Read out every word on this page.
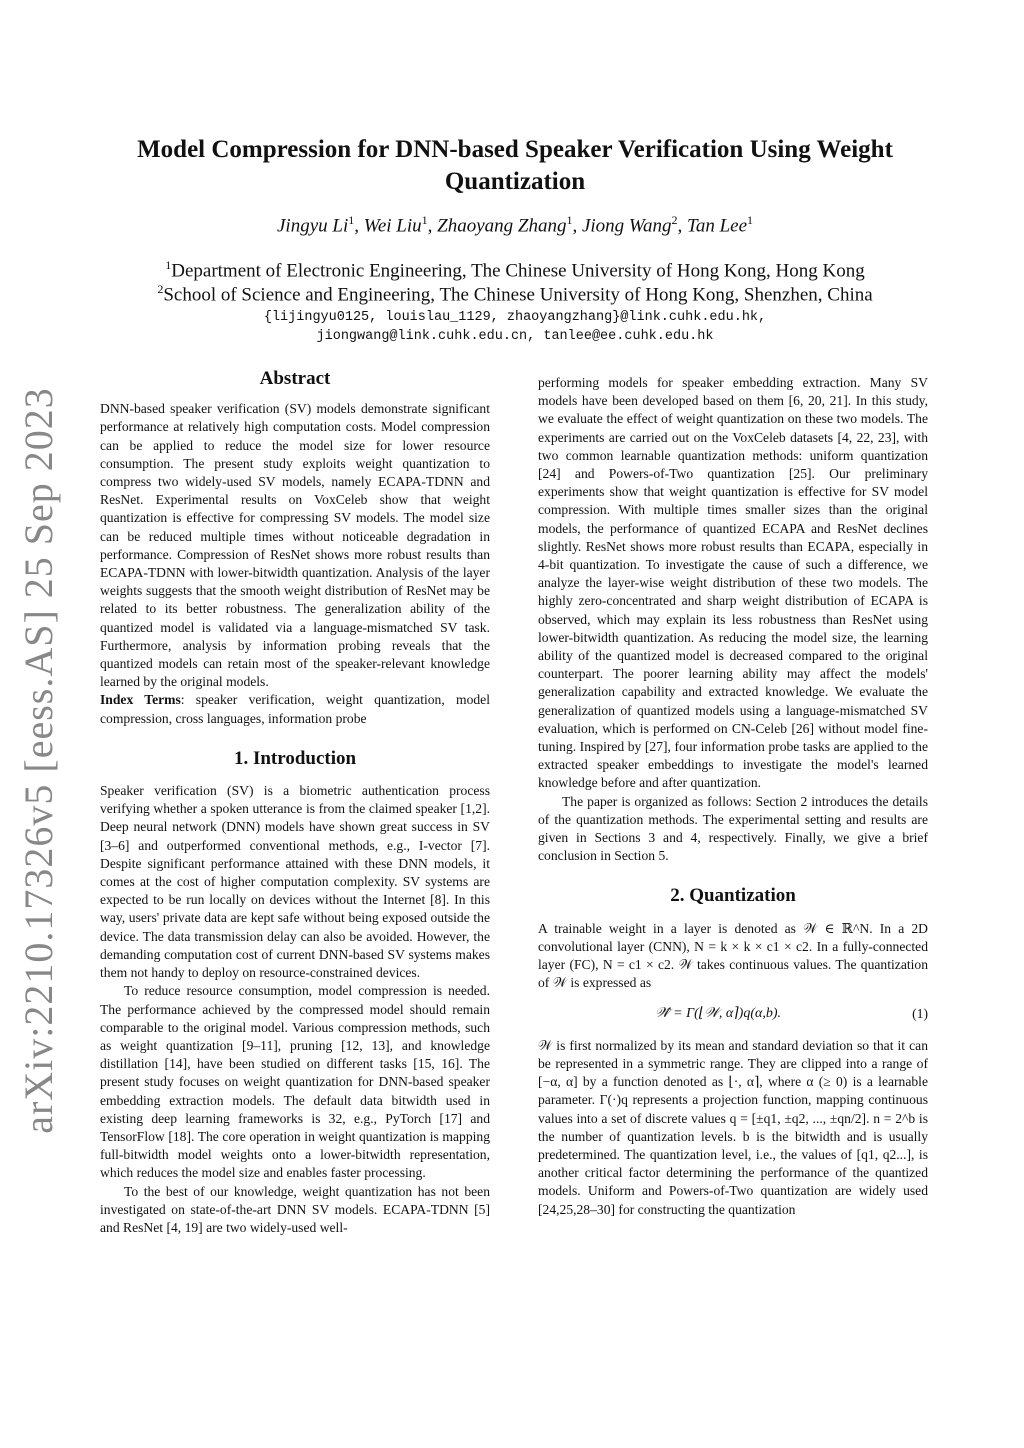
arXiv:2210.17326v5 [eess.AS] 25 Sep 2023
Model Compression for DNN-based Speaker Verification Using Weight
Quantization
Jingyu Li$^1$, Wei Liu$^1$, Zhaoyang Zhang$^1$, Jiong Wang$^2$, Tan Lee$^1$
$^1$Department of Electronic Engineering, The Chinese University of Hong Kong, Hong Kong
$^2$School of Science and Engineering, The Chinese University of Hong Kong, Shenzhen, China
{lijingyu0125, louislau_1129, zhaoyangzhang}@link.cuhk.edu.hk,
jiongwang@link.cuhk.edu.cn, tanlee@ee.cuhk.edu.hk
Abstract

DNN-based speaker verification (SV) models demonstrate significant performance at relatively high computation costs. Model compression can be applied to reduce the model size for lower resource consumption. The present study exploits weight quantization to compress two widely-used SV models, namely ECAPA-TDNN and ResNet. Experimental results on VoxCeleb show that weight quantization is effective for compressing SV models. The model size can be reduced multiple times without noticeable degradation in performance. Compression of ResNet shows more robust results than ECAPA-TDNN with lower-bitwidth quantization. Analysis of the layer weights suggests that the smooth weight distribution of ResNet may be related to its better robustness. The generalization ability of the quantized model is validated via a language-mismatched SV task. Furthermore, analysis by information probing reveals that the quantized models can retain most of the speaker-relevant knowledge learned by the original models.

Index Terms: speaker verification, weight quantization, model compression, cross languages, information probe

1. Introduction

Speaker verification (SV) is a biometric authentication process verifying whether a spoken utterance is from the claimed speaker [1,2]. Deep neural network (DNN) models have shown great success in SV [3–6] and outperformed conventional methods, e.g., I-vector [7]. Despite significant performance attained with these DNN models, it comes at the cost of higher computation complexity. SV systems are expected to be run locally on devices without the Internet [8]. In this way, users' private data are kept safe without being exposed outside the device. The data transmission delay can also be avoided. However, the demanding computation cost of current DNN-based SV systems makes them not handy to deploy on resource-constrained devices.

To reduce resource consumption, model compression is needed. The performance achieved by the compressed model should remain comparable to the original model. Various compression methods, such as weight quantization [9–11], pruning [12, 13], and knowledge distillation [14], have been studied on different tasks [15, 16]. The present study focuses on weight quantization for DNN-based speaker embedding extraction models. The default data bitwidth used in existing deep learning frameworks is 32, e.g., PyTorch [17] and TensorFlow [18]. The core operation in weight quantization is mapping full-bitwidth model weights onto a lower-bitwidth representation, which reduces the model size and enables faster processing.

To the best of our knowledge, weight quantization has not been investigated on state-of-the-art DNN SV models. ECAPA-TDNN [5] and ResNet [4, 19] are two widely-used well-

performing models for speaker embedding extraction. Many SV models have been developed based on them [6, 20, 21]. In this study, we evaluate the effect of weight quantization on these two models. The experiments are carried out on the VoxCeleb datasets [4, 22, 23], with two common learnable quantization methods: uniform quantization [24] and Powers-of-Two quantization [25]. Our preliminary experiments show that weight quantization is effective for SV model compression. With multiple times smaller sizes than the original models, the performance of quantized ECAPA and ResNet declines slightly. ResNet shows more robust results than ECAPA, especially in 4-bit quantization. To investigate the cause of such a difference, we analyze the layer-wise weight distribution of these two models. The highly zero-concentrated and sharp weight distribution of ECAPA is observed, which may explain its less robustness than ResNet using lower-bitwidth quantization. As reducing the model size, the learning ability of the quantized model is decreased compared to the original counterpart. The poorer learning ability may affect the models' generalization capability and extracted knowledge. We evaluate the generalization of quantized models using a language-mismatched SV evaluation, which is performed on CN-Celeb [26] without model fine-tuning. Inspired by [27], four information probe tasks are applied to the extracted speaker embeddings to investigate the model's learned knowledge before and after quantization.

The paper is organized as follows: Section 2 introduces the details of the quantization methods. The experimental setting and results are given in Sections 3 and 4, respectively. Finally, we give a brief conclusion in Section 5.

2. Quantization

A trainable weight in a layer is denoted as 𝒲 ∈ ℝ^N. In a 2D convolutional layer (CNN), N = k × k × c1 × c2. In a fully-connected layer (FC), N = c1 × c2. 𝒲 takes continuous values. The quantization of 𝒲 is expressed as

𝒲̂ = Γ(⌊𝒲, α⌉)q(α,b).	(1)

𝒲 is first normalized by its mean and standard deviation so that it can be represented in a symmetric range. They are clipped into a range of [−α, α] by a function denoted as ⌊·, α⌉, where α (≥ 0) is a learnable parameter. Γ(·)q represents a projection function, mapping continuous values into a set of discrete values q = [±q1, ±q2, ..., ±qn/2]. n = 2^b is the number of quantization levels. b is the bitwidth and is usually predetermined. The quantization level, i.e., the values of [q1, q2...], is another critical factor determining the performance of the quantized models. Uniform and Powers-of-Two quantization are widely used [24,25,28–30] for constructing the quantization
